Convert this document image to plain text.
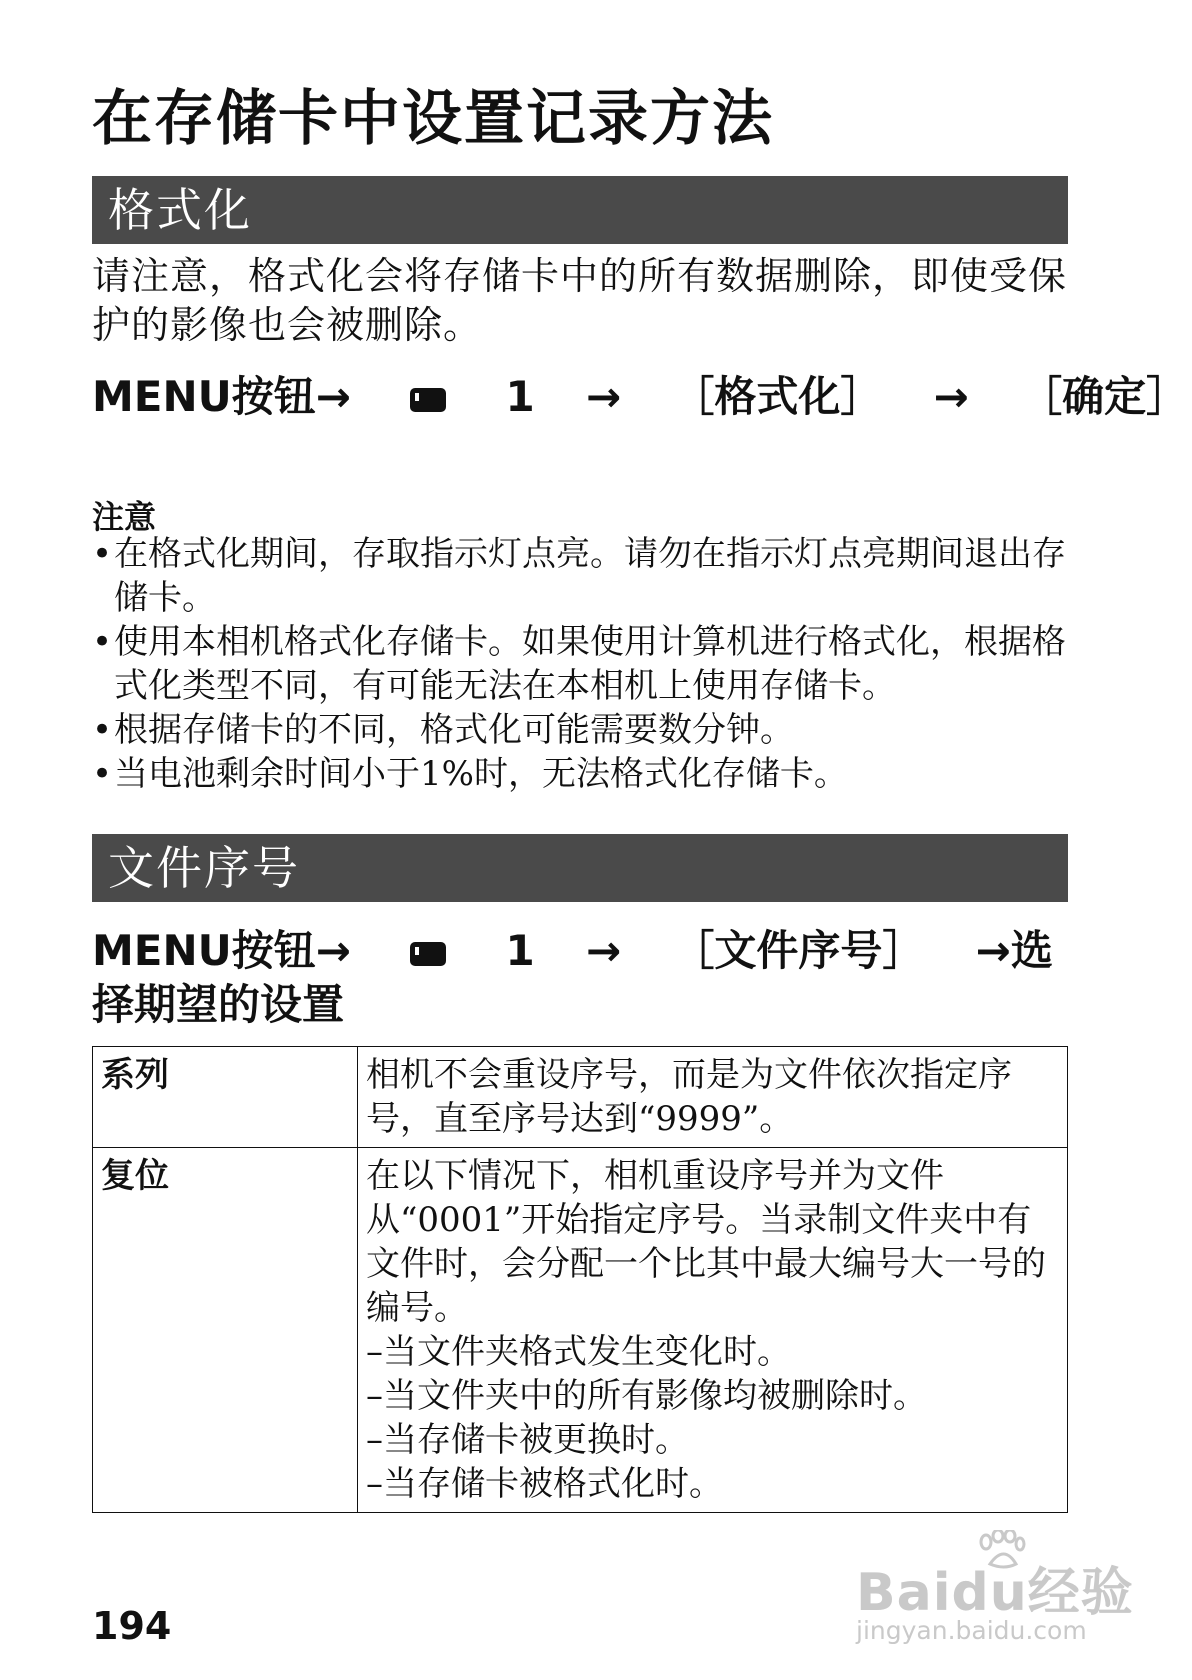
在存储卡中设置记录方法
格式化

请注意，格式化会将存储卡中的所有数据删除，即使受保护的影像也会被删除。

MENU按钮→	1 → ［格式化］ → ［确定］
注意
• 在格式化期间，存取指示灯点亮。请勿在指示灯点亮期间退出存储卡。
• 使用本相机格式化存储卡。如果使用计算机进行格式化，根据格式化类型不同，有可能无法在本相机上使用存储卡。
• 根据存储卡的不同，格式化可能需要数分钟。
• 当电池剩余时间小于1%时，无法格式化存储卡。
文件序号
MENU按钮→	1 → ［文件序号］ →选择期望的设置
系列	相机不会重设序号，而是为文件依次指定序号，直至序号达到“9999”。
复位	在以下情况下，相机重设序号并为文件从“0001”开始指定序号。当录制文件夹中有文件时，会分配一个比其中最大编号大一号的编号。
–当文件夹格式发生变化时。
–当文件夹中的所有影像均被删除时。
–当存储卡被更换时。
–当存储卡被格式化时。
194
Baidu经验
jingyan.baidu.com
